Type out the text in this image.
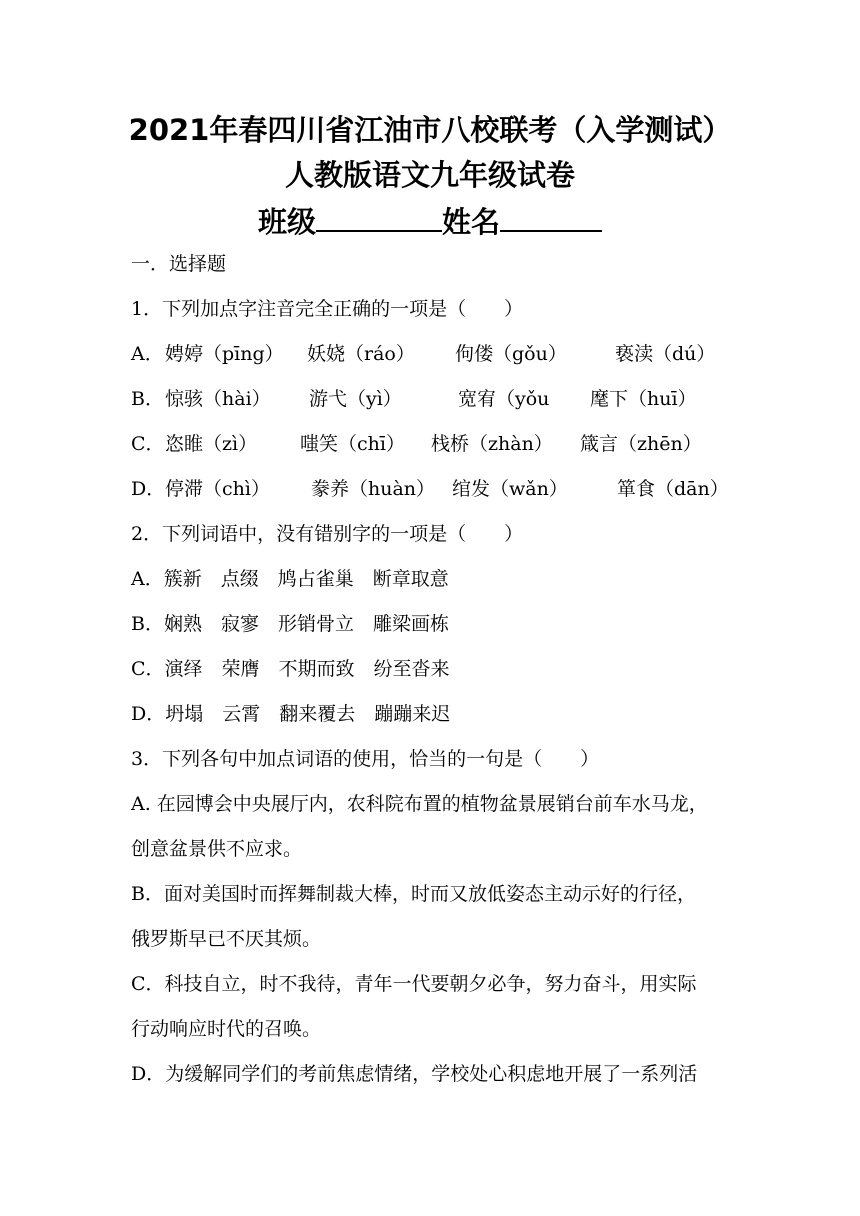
2021年春四川省江油市八校联考（入学测试）
人教版语文九年级试卷
班级	姓名
一．选择题
1．下列加点字注音完全正确的一项是（　　）
A． 娉婷（pīng） 妖娆（ráo） 佝偻（gǒu）	亵渎（dú）
B． 惊骇（hài） 游弋（yì）	宽宥（yǒu 麾下（huī）
C． 恣睢（zì） 嗤笑（chī） 栈桥（zhàn） 箴言（zhēn）
D． 停滞（chì） 豢养（huàn） 绾发（wǎn）	箪食（dān）
2．下列词语中，没有错别字的一项是（　　）
A．簇新　点缀　鸠占雀巢　断章取意
B．娴熟　寂寥　形销骨立　雕梁画栋
C．演绎　荣膺　不期而致　纷至沓来
D．坍塌　云霄　翻来覆去　蹦蹦来迟
3．下列各句中加点词语的使用，恰当的一句是（　　）
A. 在园博会中央展厅内，农科院布置的植物盆景展销台前车水马龙，
创意盆景供不应求。
B．面对美国时而挥舞制裁大棒，时而又放低姿态主动示好的行径，
俄罗斯早已不厌其烦。
C．科技自立，时不我待，青年一代要朝夕必争，努力奋斗，用实际
行动响应时代的召唤。
D．为缓解同学们的考前焦虑情绪，学校处心积虑地开展了一系列活
